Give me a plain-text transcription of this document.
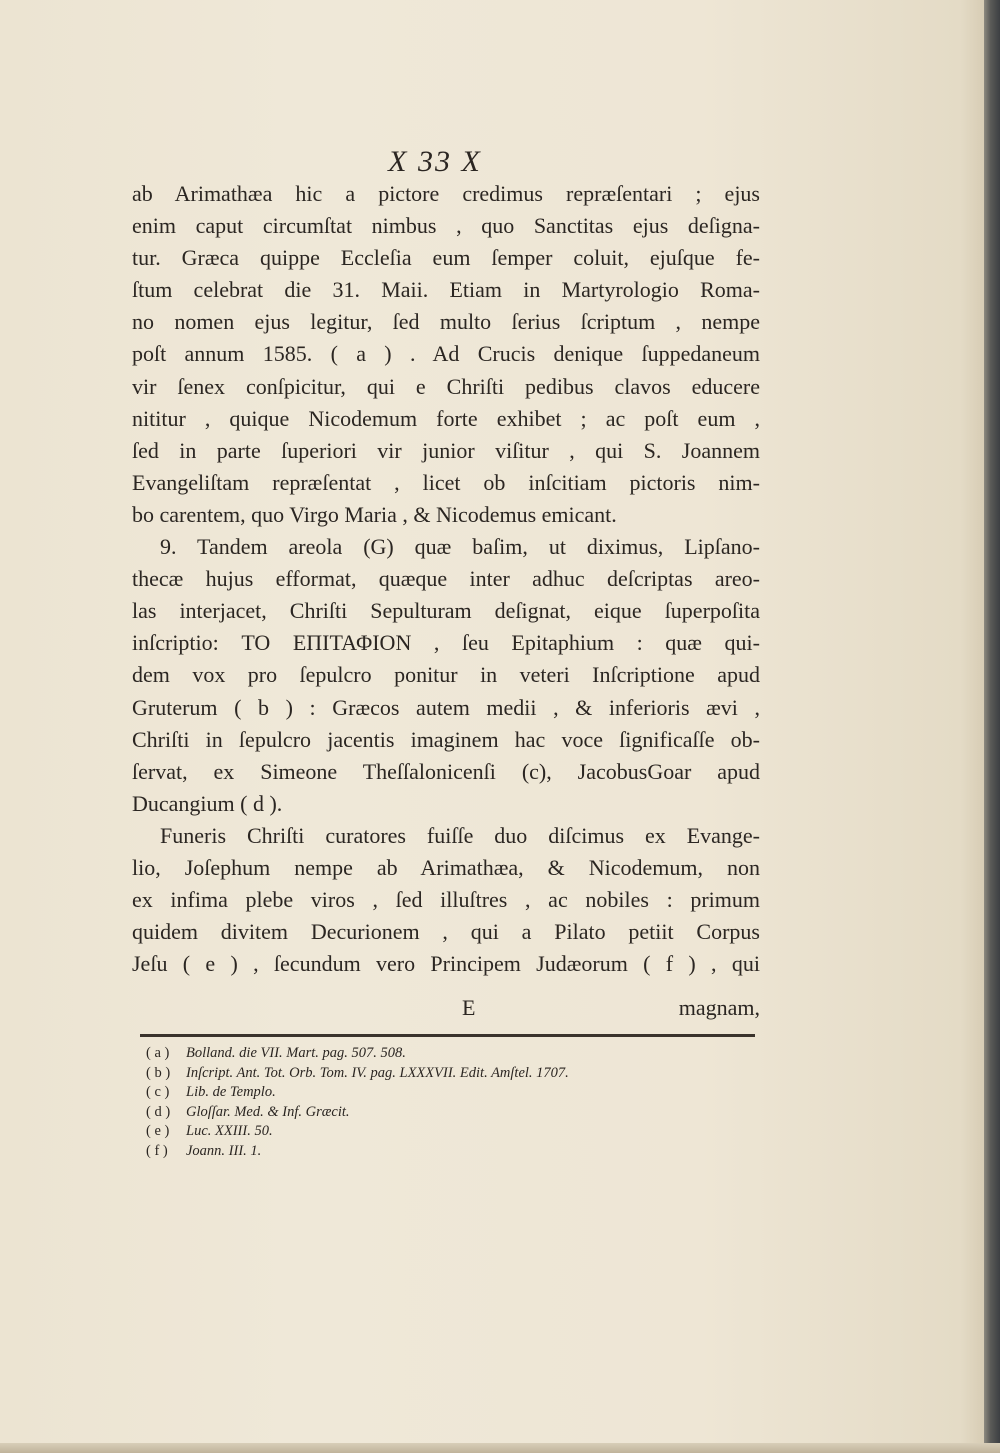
X 33 X
ab Arimathæa hic a pictore credimus repræſentari ; ejus
enim caput circumſtat nimbus , quo Sanctitas ejus deſigna-
tur. Græca quippe Eccleſia eum ſemper coluit, ejuſque fe-
ſtum celebrat die 31. Maii. Etiam in Martyrologio Roma-
no nomen ejus legitur, ſed multo ſerius ſcriptum , nempe
poſt annum 1585. ( a ) . Ad Crucis denique ſuppedaneum
vir ſenex conſpicitur, qui e Chriſti pedibus clavos educere
nititur , quique Nicodemum forte exhibet ; ac poſt eum ,
ſed in parte ſuperiori vir junior viſitur , qui S. Joannem
Evangeliſtam repræſentat , licet ob inſcitiam pictoris nim-
bo carentem, quo Virgo Maria , & Nicodemus emicant.
9. Tandem areola (G) quæ baſim, ut diximus, Lipſano-
thecæ hujus efformat, quæque inter adhuc deſcriptas areo-
las interjacet, Chriſti Sepulturam deſignat, eique ſuperpoſita
inſcriptio: ΤΟ ΕΠΙΤΑΦΙΟΝ , ſeu Epitaphium : quæ qui-
dem vox pro ſepulcro ponitur in veteri Inſcriptione apud
Gruterum ( b ) : Græcos autem medii , & inferioris ævi ,
Chriſti in ſepulcro jacentis imaginem hac voce ſignificaſſe ob-
ſervat, ex Simeone Theſſalonicenſi (c), JacobusGoar apud
Ducangium ( d ).
Funeris Chriſti curatores fuiſſe duo diſcimus ex Evange-
lio, Joſephum nempe ab Arimathæa, & Nicodemum, non
ex infima plebe viros , ſed illuſtres , ac nobiles : primum
quidem divitem Decurionem , qui a Pilato petiit Corpus
Jeſu ( e ) , ſecundum vero Principem Judæorum ( f ) , qui
E	magnam,
( a ) Bolland. die VII. Mart. pag. 507. 508.
( b ) Inſcript. Ant. Tot. Orb. Tom. IV. pag. LXXXVII. Edit. Amſtel. 1707.
( c ) Lib. de Templo.
( d ) Gloſſar. Med. & Inf. Græcit.
( e ) Luc. XXIII. 50.
( f ) Joann. III. 1.
